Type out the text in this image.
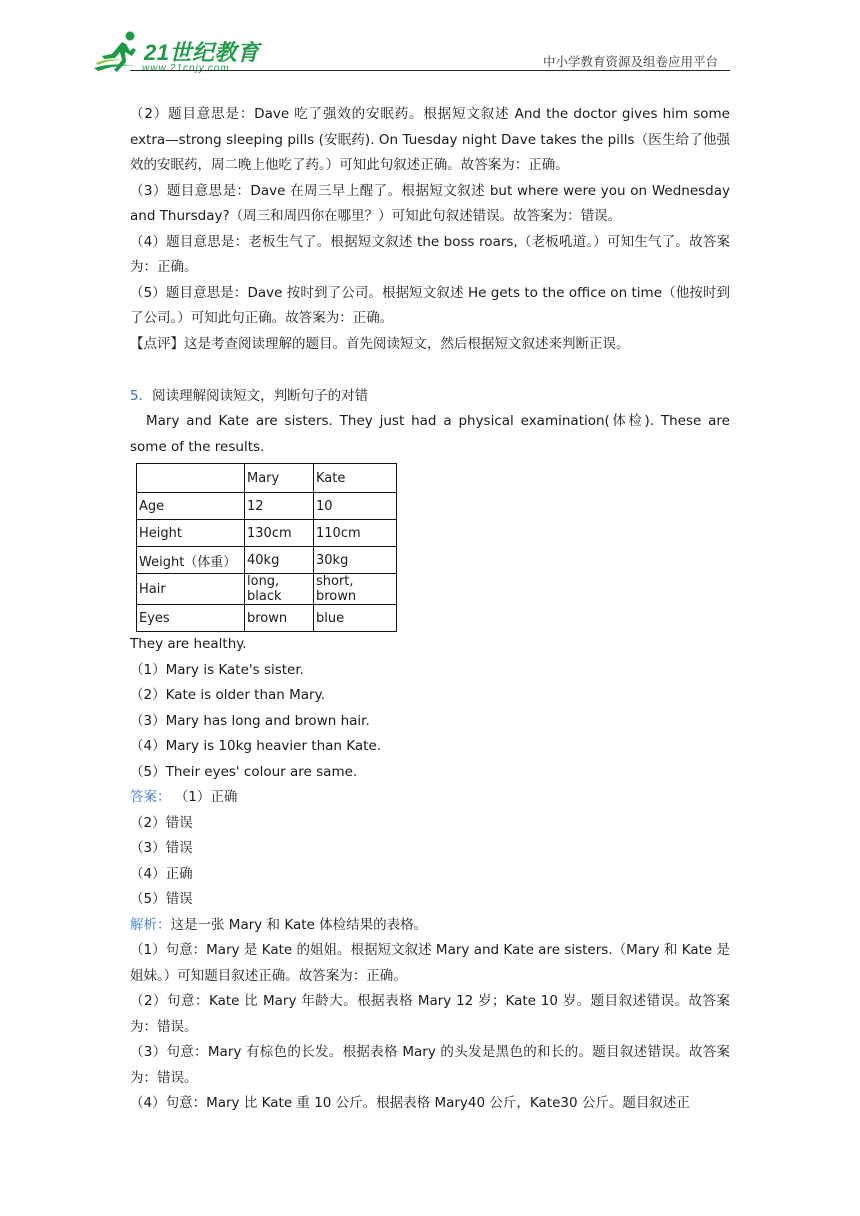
21世纪教育
www.21cnjy.com	中小学教育资源及组卷应用平台

（2）题目意思是：Dave 吃了强效的安眠药。根据短文叙述 And the doctor gives him some extra—strong sleeping pills (安眠药). On Tuesday night Dave takes the pills（医生给了他强效的安眠药，周二晚上他吃了药。）可知此句叙述正确。故答案为：正确。

（3）题目意思是：Dave 在周三早上醒了。根据短文叙述 but where were you on Wednesday and Thursday?（周三和周四你在哪里？）可知此句叙述错误。故答案为：错误。

（4）题目意思是：老板生气了。根据短文叙述 the boss roars,（老板吼道。）可知生气了。故答案为：正确。

（5）题目意思是：Dave 按时到了公司。根据短文叙述 He gets to the office on time（他按时到了公司。）可知此句正确。故答案为：正确。

【点评】这是考查阅读理解的题目。首先阅读短文，然后根据短文叙述来判断正误。

5．阅读理解阅读短文，判断句子的对错

Mary and Kate are sisters. They just had a physical examination(体检). These are some of the results.

	Mary	Kate
Age	12	10
Height	130cm	110cm
Weight（体重）	40kg	30kg
Hair	long, black	short, brown
Eyes	brown	blue

They are healthy.

（1）Mary is Kate's sister.

（2）Kate is older than Mary.

（3）Mary has long and brown hair.

（4）Mary is 10kg heavier than Kate.

（5）Their eyes' colour are same.

答案： （1）正确

（2）错误

（3）错误

（4）正确

（5）错误

解析：这是一张 Mary 和 Kate 体检结果的表格。

（1）句意：Mary 是 Kate 的姐姐。根据短文叙述 Mary and Kate are sisters.（Mary 和 Kate 是姐妹。）可知题目叙述正确。故答案为：正确。

（2）句意：Kate 比 Mary 年龄大。根据表格 Mary 12 岁；Kate 10 岁。题目叙述错误。故答案为：错误。

（3）句意：Mary 有棕色的长发。根据表格 Mary 的头发是黑色的和长的。题目叙述错误。故答案为：错误。

（4）句意：Mary 比 Kate 重 10 公斤。根据表格 Mary40 公斤，Kate30 公斤。题目叙述正
